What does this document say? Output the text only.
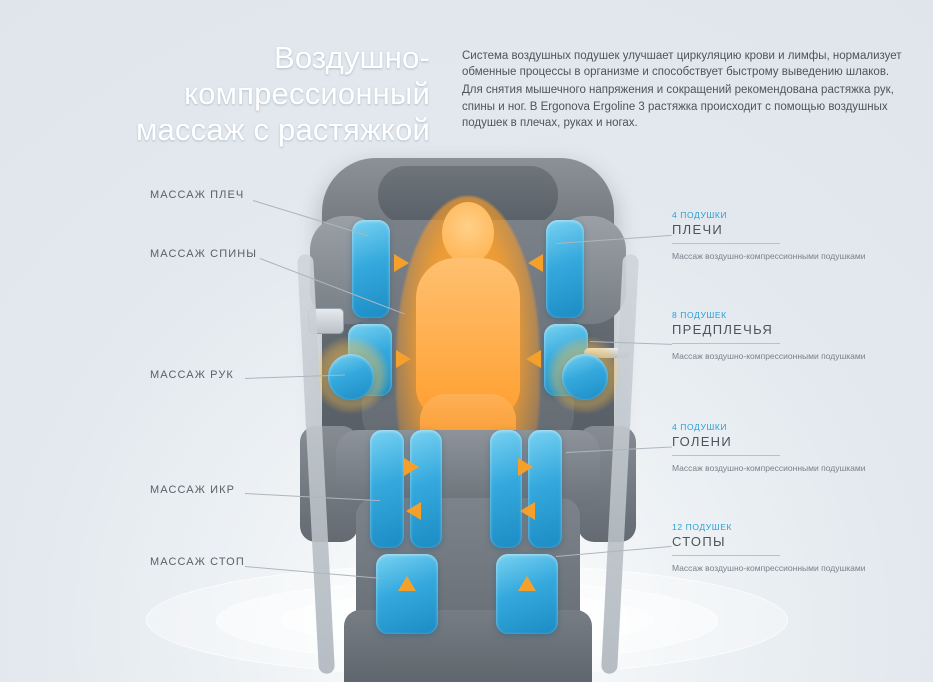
Воздушно-компрессионный массаж с растяжкой

Система воздушных подушек улучшает циркуляцию крови и лимфы, нормализует обменные процессы в организме и способствует быстрому выведению шлаков.

Для снятия мышечного напряжения и сокращений рекомендована растяжка рук, спины и ног. В Ergonova Ergoline 3 растяжка происходит с помощью воздушных подушек в плечах, руках и ногах.

МАССАЖ ПЛЕЧ
МАССАЖ СПИНЫ
МАССАЖ РУК
МАССАЖ ИКР
МАССАЖ СТОП
4 ПОДУШКИ
ПЛЕЧИ
Массаж воздушно-компрессионными подушками
8 ПОДУШЕК
ПРЕДПЛЕЧЬЯ
Массаж воздушно-компрессионными подушками
4 ПОДУШКИ
ГОЛЕНИ
Массаж воздушно-компрессионными подушками
12 ПОДУШЕК
СТОПЫ
Массаж воздушно-компрессионными подушками
